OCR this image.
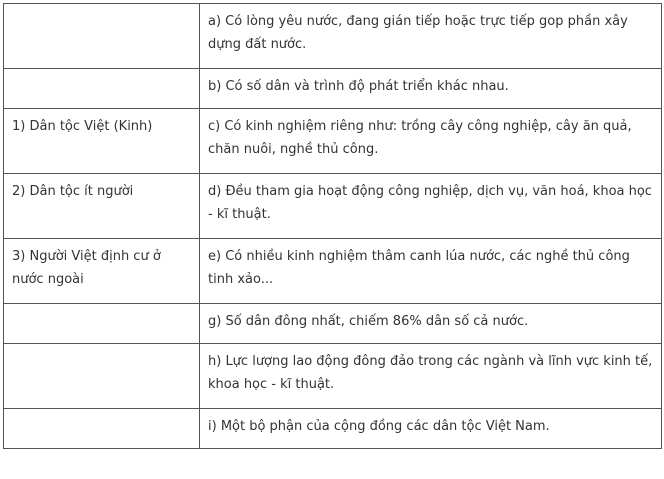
	a) Có lòng yêu nước, đang gián tiếp hoặc trực tiếp gop phần xây dựng đất nước.
	b) Có số dân và trình độ phát triển khác nhau.
1) Dân tộc Việt (Kinh)	c) Có kinh nghiệm riêng như: trồng cây công nghiệp, cây ăn quả, chăn nuôi, nghề thủ công.
2) Dân tộc ít người	d) Đều tham gia hoạt động công nghiệp, dịch vụ, văn hoá, khoa học - kĩ thuật.
3) Người Việt định cư ở nước ngoài	e) Có nhiều kinh nghiệm thâm canh lúa nước, các nghề thủ công tinh xảo...
	g) Số dân đông nhất, chiếm 86% dân số cả nước.
	h) Lực lượng lao động đông đảo trong các ngành và lĩnh vực kinh tế, khoa học - kĩ thuật.
	i) Một bộ phận của cộng đồng các dân tộc Việt Nam.
